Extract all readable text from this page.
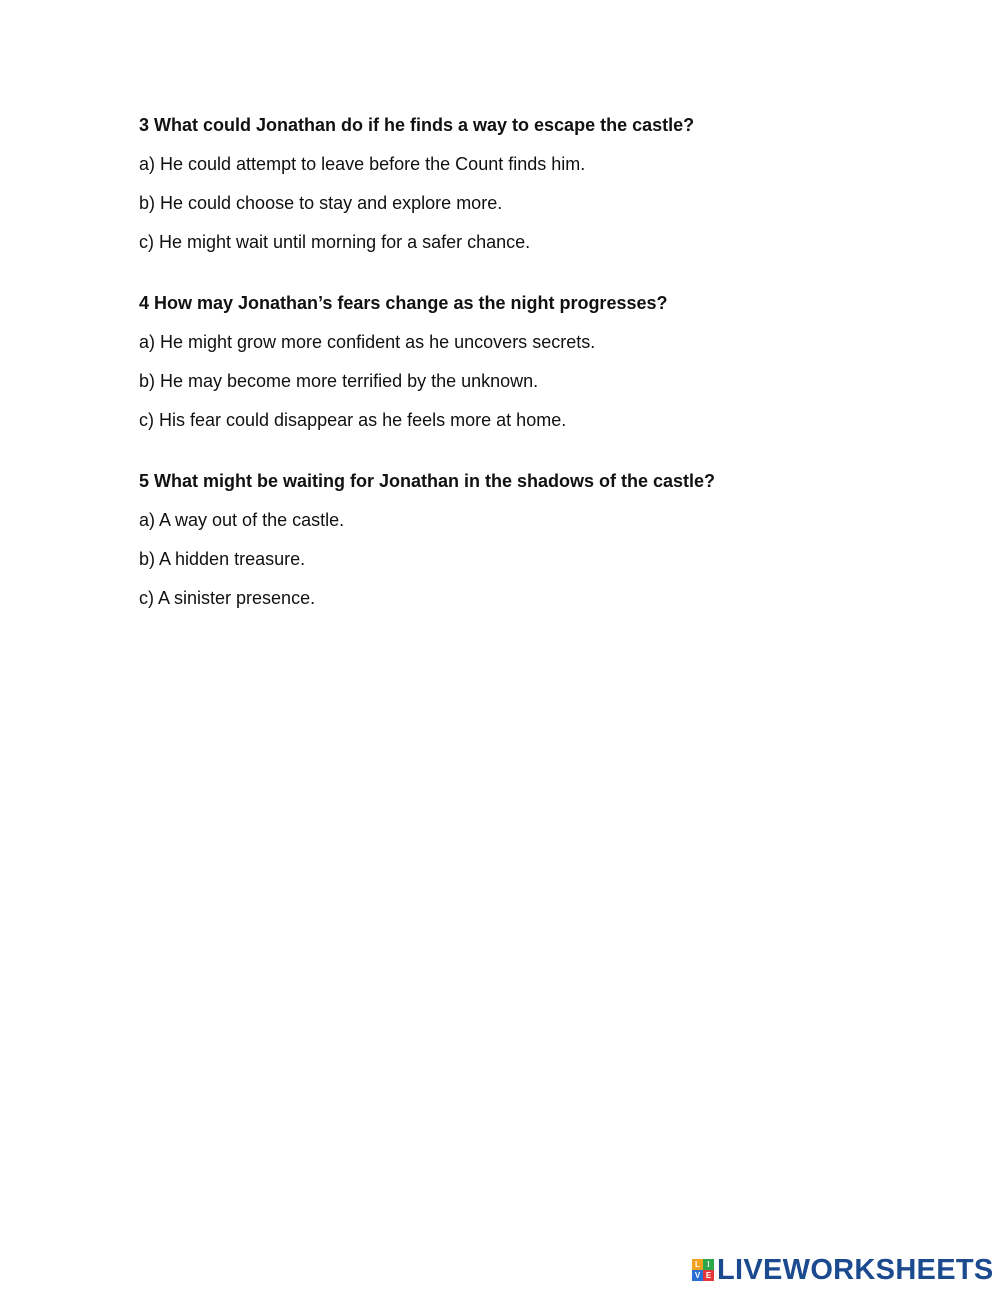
3 What could Jonathan do if he finds a way to escape the castle?
a) He could attempt to leave before the Count finds him.
b) He could choose to stay and explore more.
c) He might wait until morning for a safer chance.
4 How may Jonathan’s fears change as the night progresses?
a) He might grow more confident as he uncovers secrets.
b) He may become more terrified by the unknown.
c) His fear could disappear as he feels more at home.
5 What might be waiting for Jonathan in the shadows of the castle?
a) A way out of the castle.
b) A hidden treasure.
c) A sinister presence.
L I
V E LIVEWORKSHEETS
